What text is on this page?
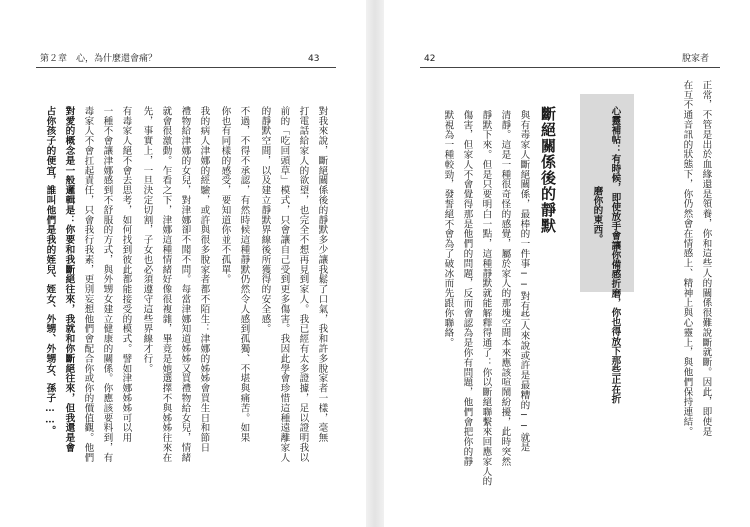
第２章　心，為什麼還會痛？	43
對我來說，斷絕關係後的靜默多少讓我鬆了口氣，我和許多脫家者一樣，毫無
打電話給家人的欲望，也完全不想再見到家人。我已經有太多證據，足以證明我以
前的「吃回頭草」模式，只會讓自己受到更多傷害。我因此學會珍惜這種遠離家人
的靜默空間，以及建立靜默界線後所獲得的安全感。
不過，不得不承認，有然時候這種靜默仍然令人感到孤獨、不堪與痛苦。如果
你也有同樣的感受，要知道你並不孤單。
我的病人津娜的經驗，或許與很多脫家者都不陌生：津娜的姊姊會買生日和節日
禮物給津娜的女兒，對津娜卻不聞不問。每當津娜知道姊姊又買禮物給女兒，情緒
就會很激動。乍看之下，津娜這種情緒好像很複雜，畢竟是她選擇不與姊姊往來在
先，事實上，一旦決定切割，子女也必須遵守這些界線才行。
有毒家人絕不會去思考，如何找到彼此都能接受的模式。譬如津娜姊姊可以用
一種不會讓津娜感到不舒服的方式，與外甥女建立健康的關係。你應該要料到，有
毒家人不會扛起責任，只會我行我素，更別妄想他們會配合你或你的價值觀。他們
對愛的概念是一般邏輯是：你要和我斷絕往來，我就和你斷絕往來，但我還是會
占你孩子的便宜，誰叫他們是我的姪兒、姪女、外甥、外甥女、孫子……。
42	脫家者
正常，不管是出於血緣還是領養，你和這些人的關係很難說斷就斷。因此，即使是
在互不通音訊的狀態下，你仍然會在情感上、精神上與心靈上，與他們保持連結。
心靈補帖：有時候，即使放手會讓你備感折磨，你也得放下那些正在折
磨你的東西。
斷絕關係後的靜默
與有毒家人斷絕關係，最棒的一件事──對有些人來說或許是最糟的──就是
清靜。這是一種很奇怪的感覺，屬於家人的那塊空間本來應該喧鬧紛擾，此時突然
靜默下來。但是只要明白一點，這種靜默就能解釋得通了：你以斷絕聯繫來回應家人的
傷害，但家人不會覺得那是他們的問題，反而會認為是你有問題，他們會把你的靜
默視為一種較勁，發誓絕不會為了破冰而先跟你聯絡。
